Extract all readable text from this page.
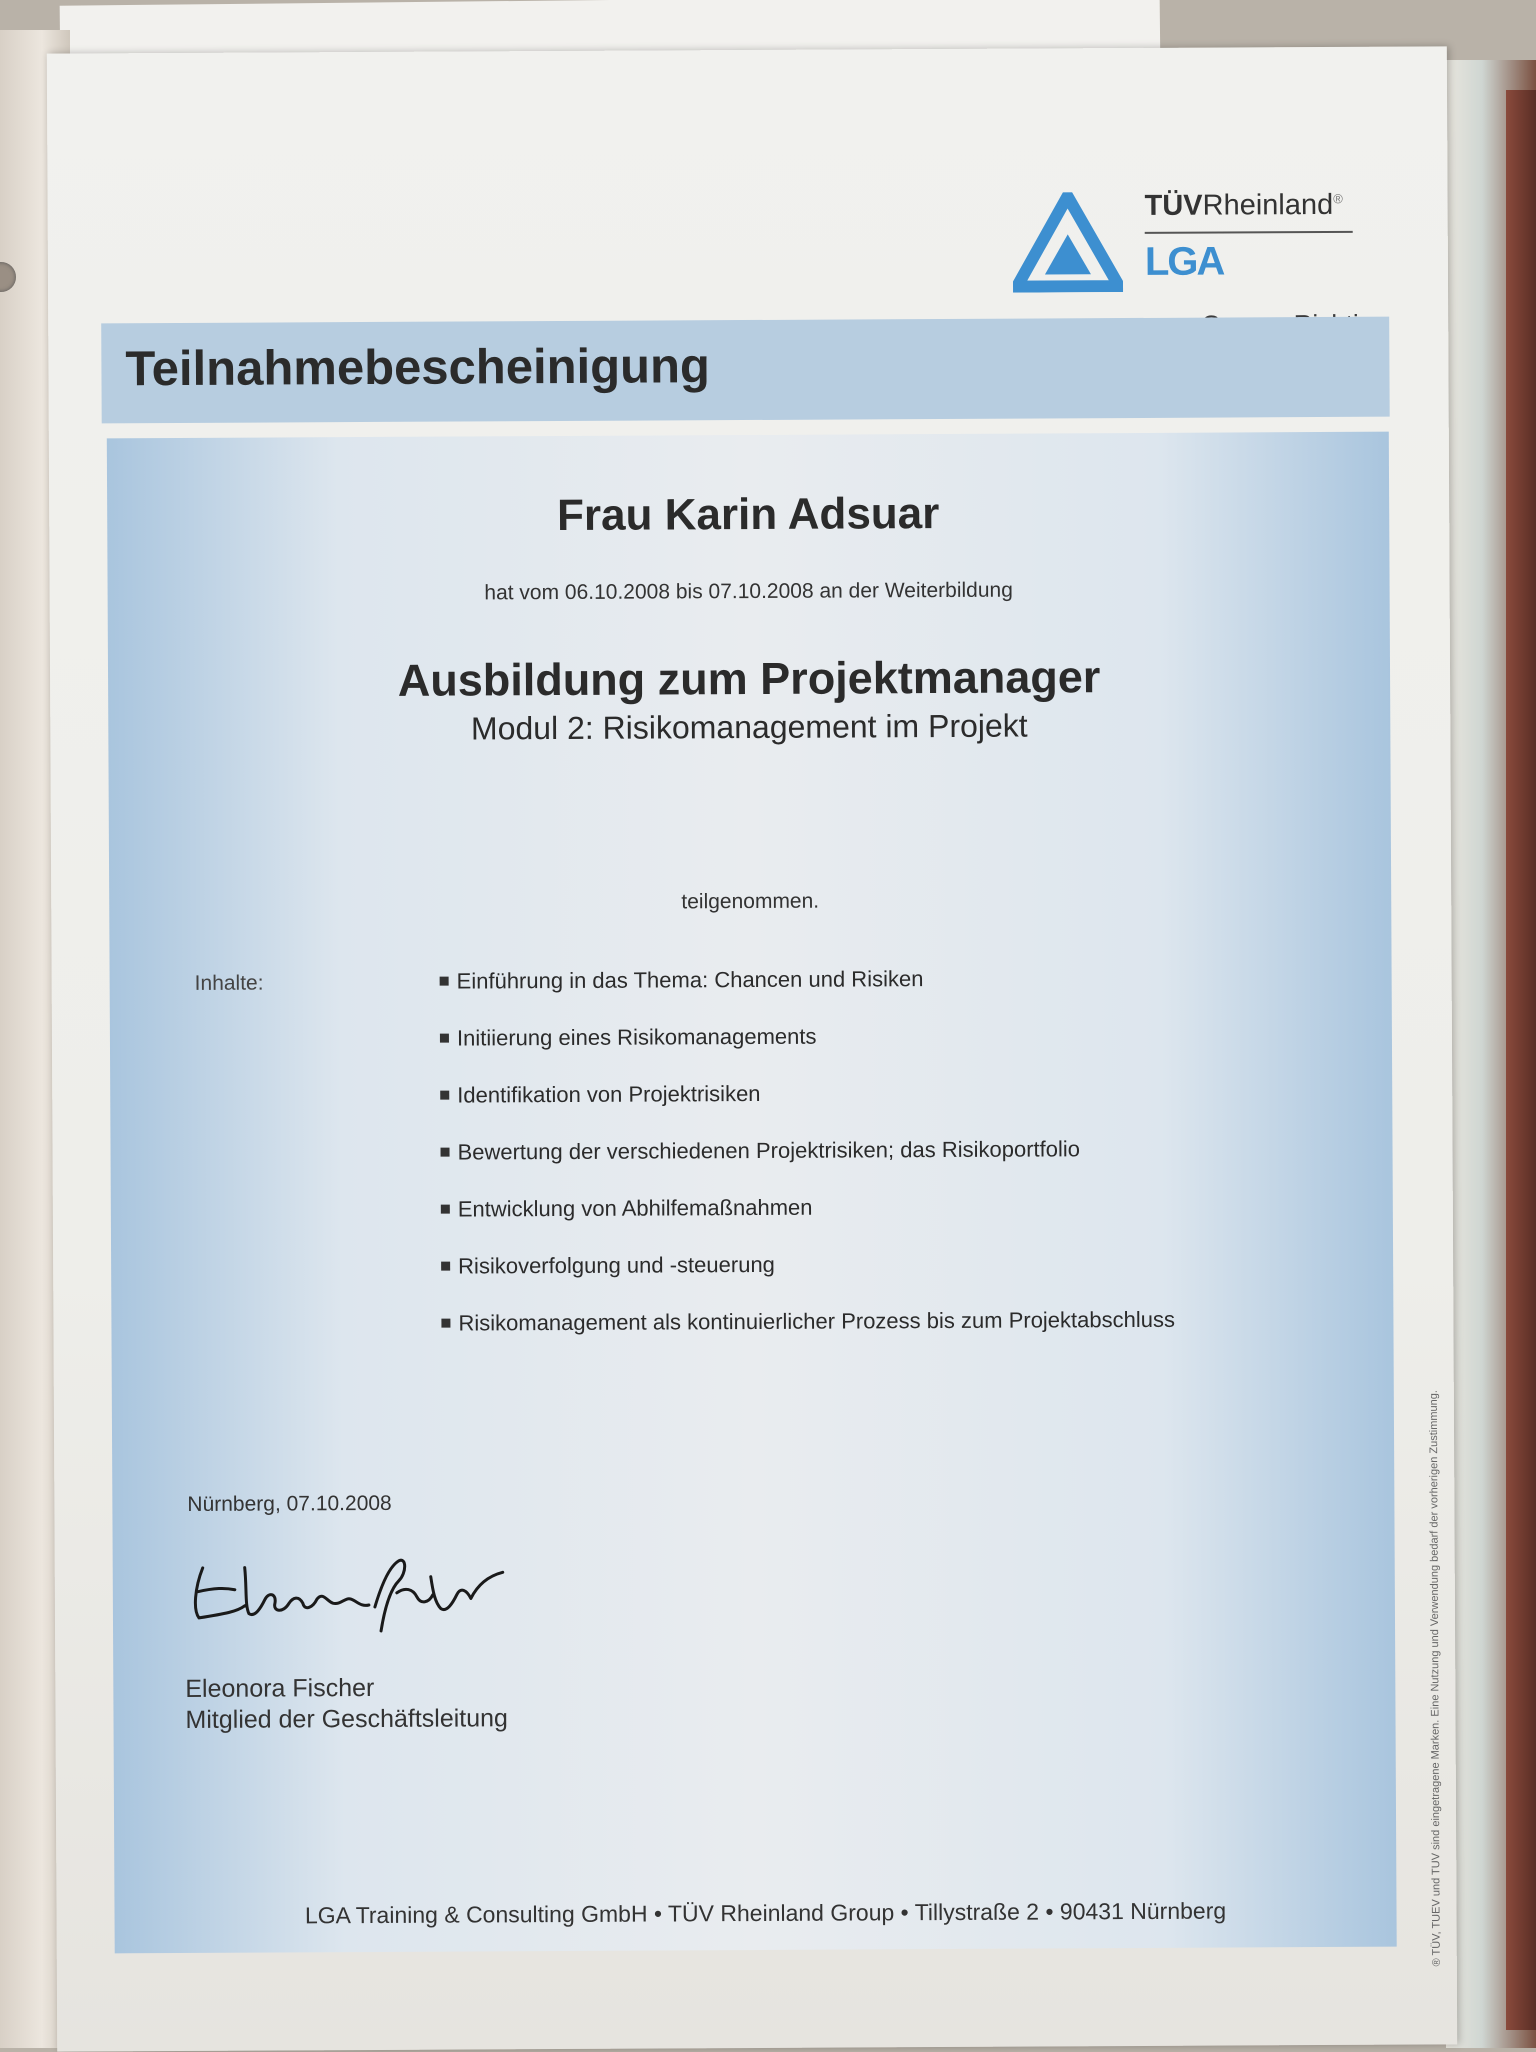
TÜVRheinland®
LGA
Teilnahmebescheinigung
Frau Karin Adsuar
hat vom 06.10.2008 bis 07.10.2008 an der Weiterbildung
Ausbildung zum Projektmanager
Modul 2: Risikomanagement im Projekt
teilgenommen.
Inhalte:	Einführung in das Thema: Chancen und Risiken
Initiierung eines Risikomanagements
Identifikation von Projektrisiken
Bewertung der verschiedenen Projektrisiken; das Risikoportfolio
Entwicklung von Abhilfemaßnahmen
Risikoverfolgung und -steuerung
Risikomanagement als kontinuierlicher Prozess bis zum Projektabschluss
Nürnberg, 07.10.2008
Eleonora Fischer
Mitglied der Geschäftsleitung
LGA Training & Consulting GmbH • TÜV Rheinland Group • Tillystraße 2 • 90431 Nürnberg	® TÜV, TUEV und TUV sind eingetragene Marken. Eine Nutzung und Verwendung bedarf der vorherigen Zustimmung.
